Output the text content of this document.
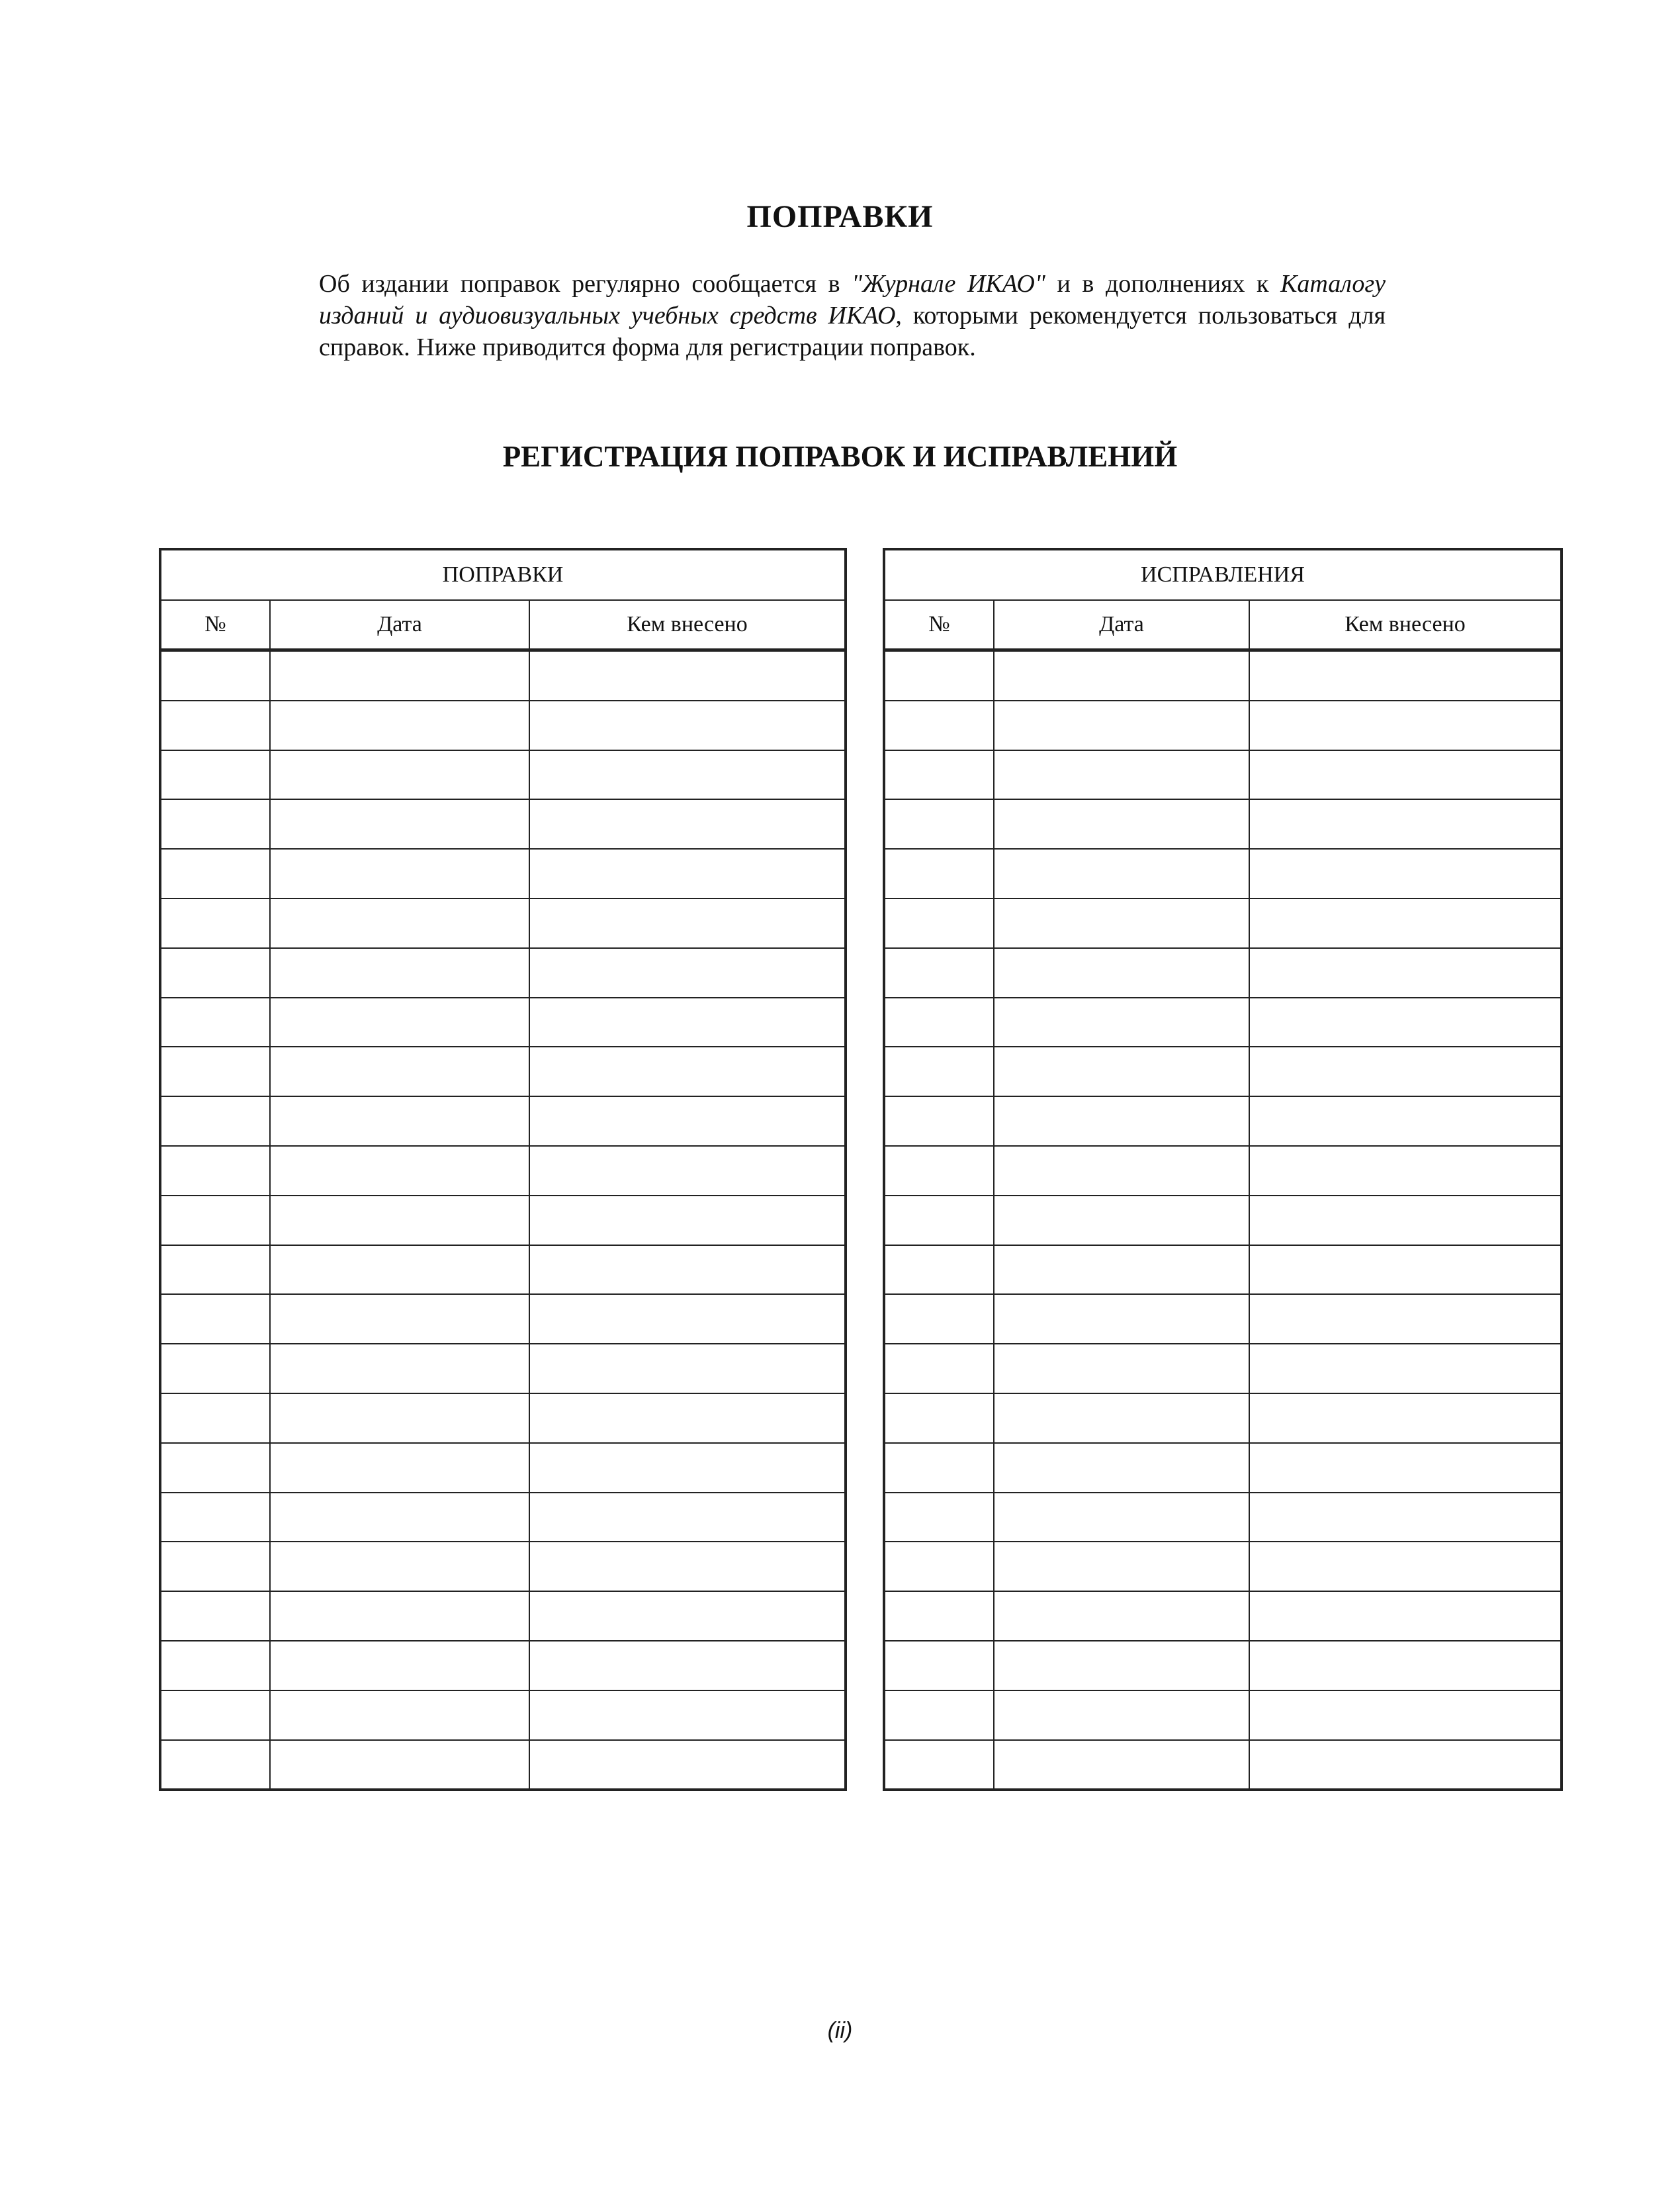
ПОПРАВКИ

Об издании поправок регулярно сообщается в "Журнале ИКАО" и в дополнениях к Каталогу изданий и аудиовизуальных учебных средств ИКАО, которыми рекомендуется пользоваться для справок. Ниже приводится форма для регистрации поправок.

РЕГИСТРАЦИЯ ПОПРАВОК И ИСПРАВЛЕНИЙ
ПОПРАВКИ		
№	Дата	Кем внесено

ИСПРАВЛЕНИЯ		
№	Дата	Кем внесено

(ii)
